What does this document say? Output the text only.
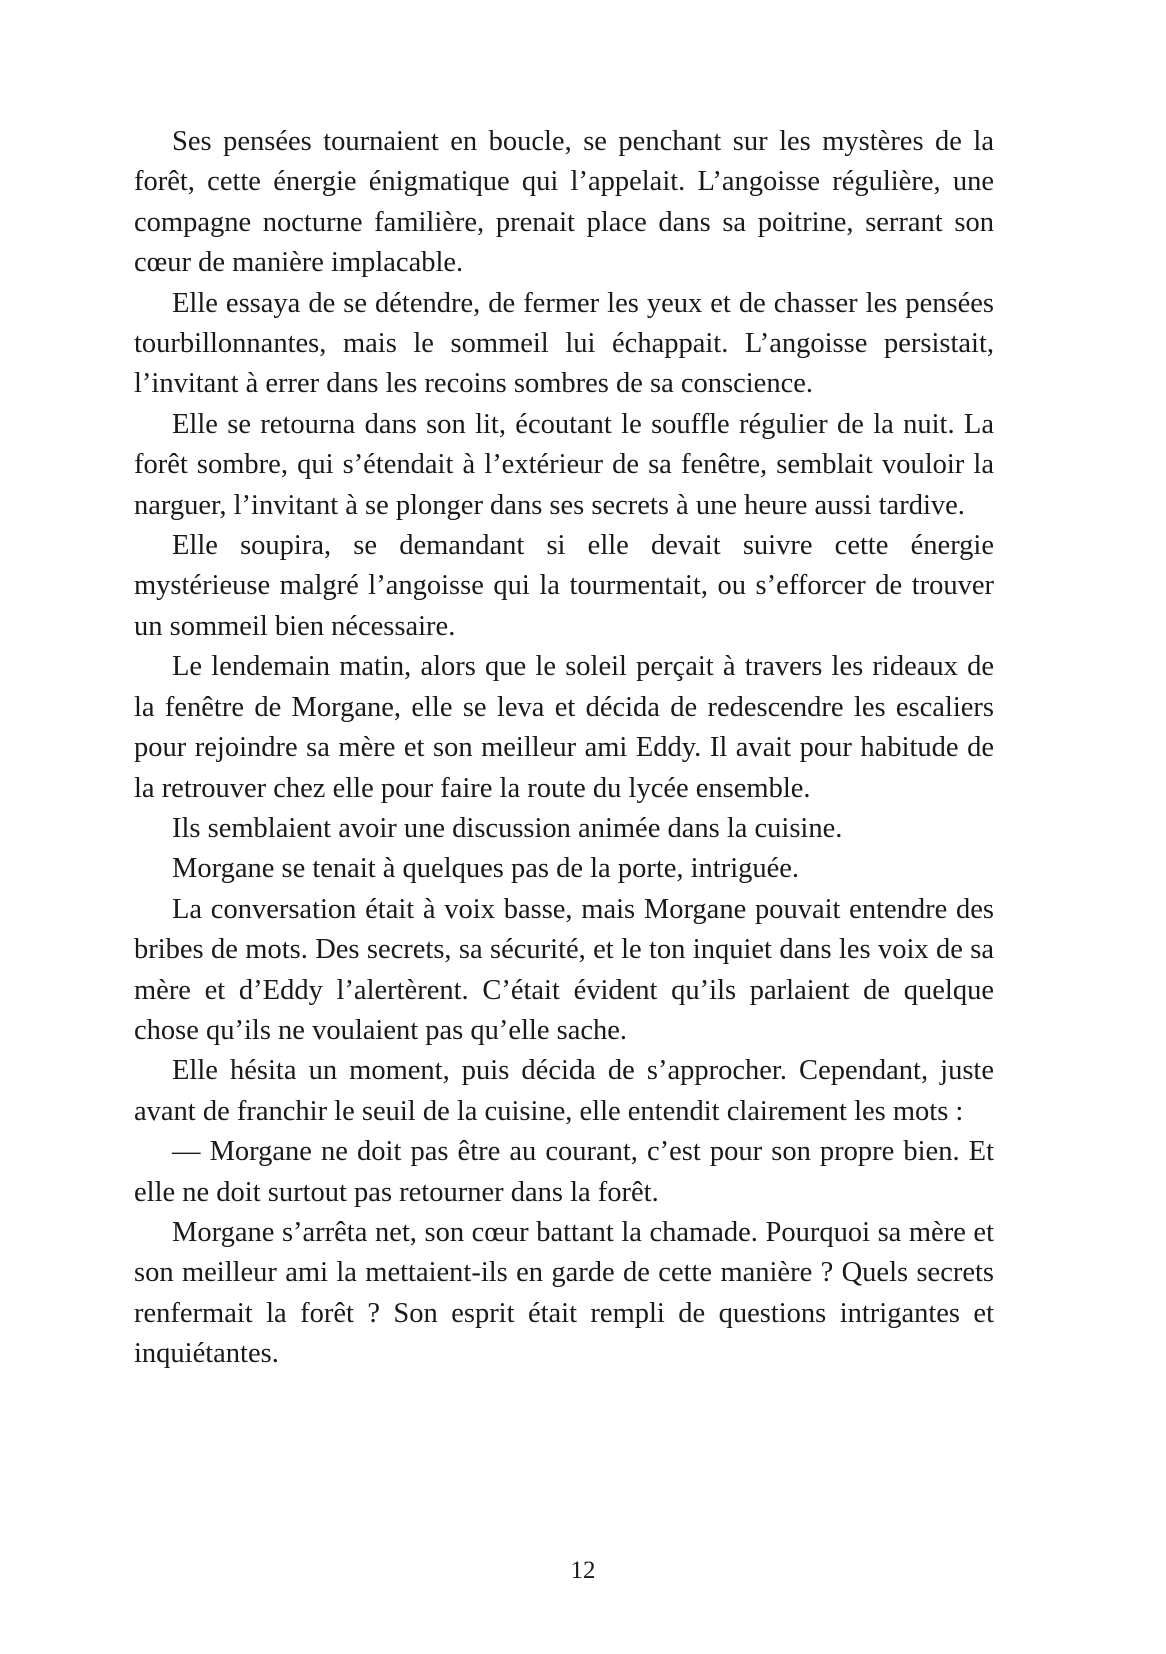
Ses pensées tournaient en boucle, se penchant sur les mystères de la forêt, cette énergie énigmatique qui l’appelait. L’angoisse régulière, une compagne nocturne familière, prenait place dans sa poitrine, serrant son cœur de manière implacable.

Elle essaya de se détendre, de fermer les yeux et de chasser les pensées tourbillonnantes, mais le sommeil lui échappait. L’angoisse persistait, l’invitant à errer dans les recoins sombres de sa conscience.

Elle se retourna dans son lit, écoutant le souffle régulier de la nuit. La forêt sombre, qui s’étendait à l’extérieur de sa fenêtre, semblait vouloir la narguer, l’invitant à se plonger dans ses secrets à une heure aussi tardive.

Elle soupira, se demandant si elle devait suivre cette énergie mystérieuse malgré l’angoisse qui la tourmentait, ou s’efforcer de trouver un sommeil bien nécessaire.

Le lendemain matin, alors que le soleil perçait à travers les rideaux de la fenêtre de Morgane, elle se leva et décida de redescendre les escaliers pour rejoindre sa mère et son meilleur ami Eddy. Il avait pour habitude de la retrouver chez elle pour faire la route du lycée ensemble.

Ils semblaient avoir une discussion animée dans la cuisine.

Morgane se tenait à quelques pas de la porte, intriguée.

La conversation était à voix basse, mais Morgane pouvait entendre des bribes de mots. Des secrets, sa sécurité, et le ton inquiet dans les voix de sa mère et d’Eddy l’alertèrent. C’était évident qu’ils parlaient de quelque chose qu’ils ne voulaient pas qu’elle sache.

Elle hésita un moment, puis décida de s’approcher. Cependant, juste avant de franchir le seuil de la cuisine, elle entendit clairement les mots :

— Morgane ne doit pas être au courant, c’est pour son propre bien. Et elle ne doit surtout pas retourner dans la forêt.

Morgane s’arrêta net, son cœur battant la chamade. Pourquoi sa mère et son meilleur ami la mettaient-ils en garde de cette manière ? Quels secrets renfermait la forêt ? Son esprit était rempli de questions intrigantes et inquiétantes.

12
